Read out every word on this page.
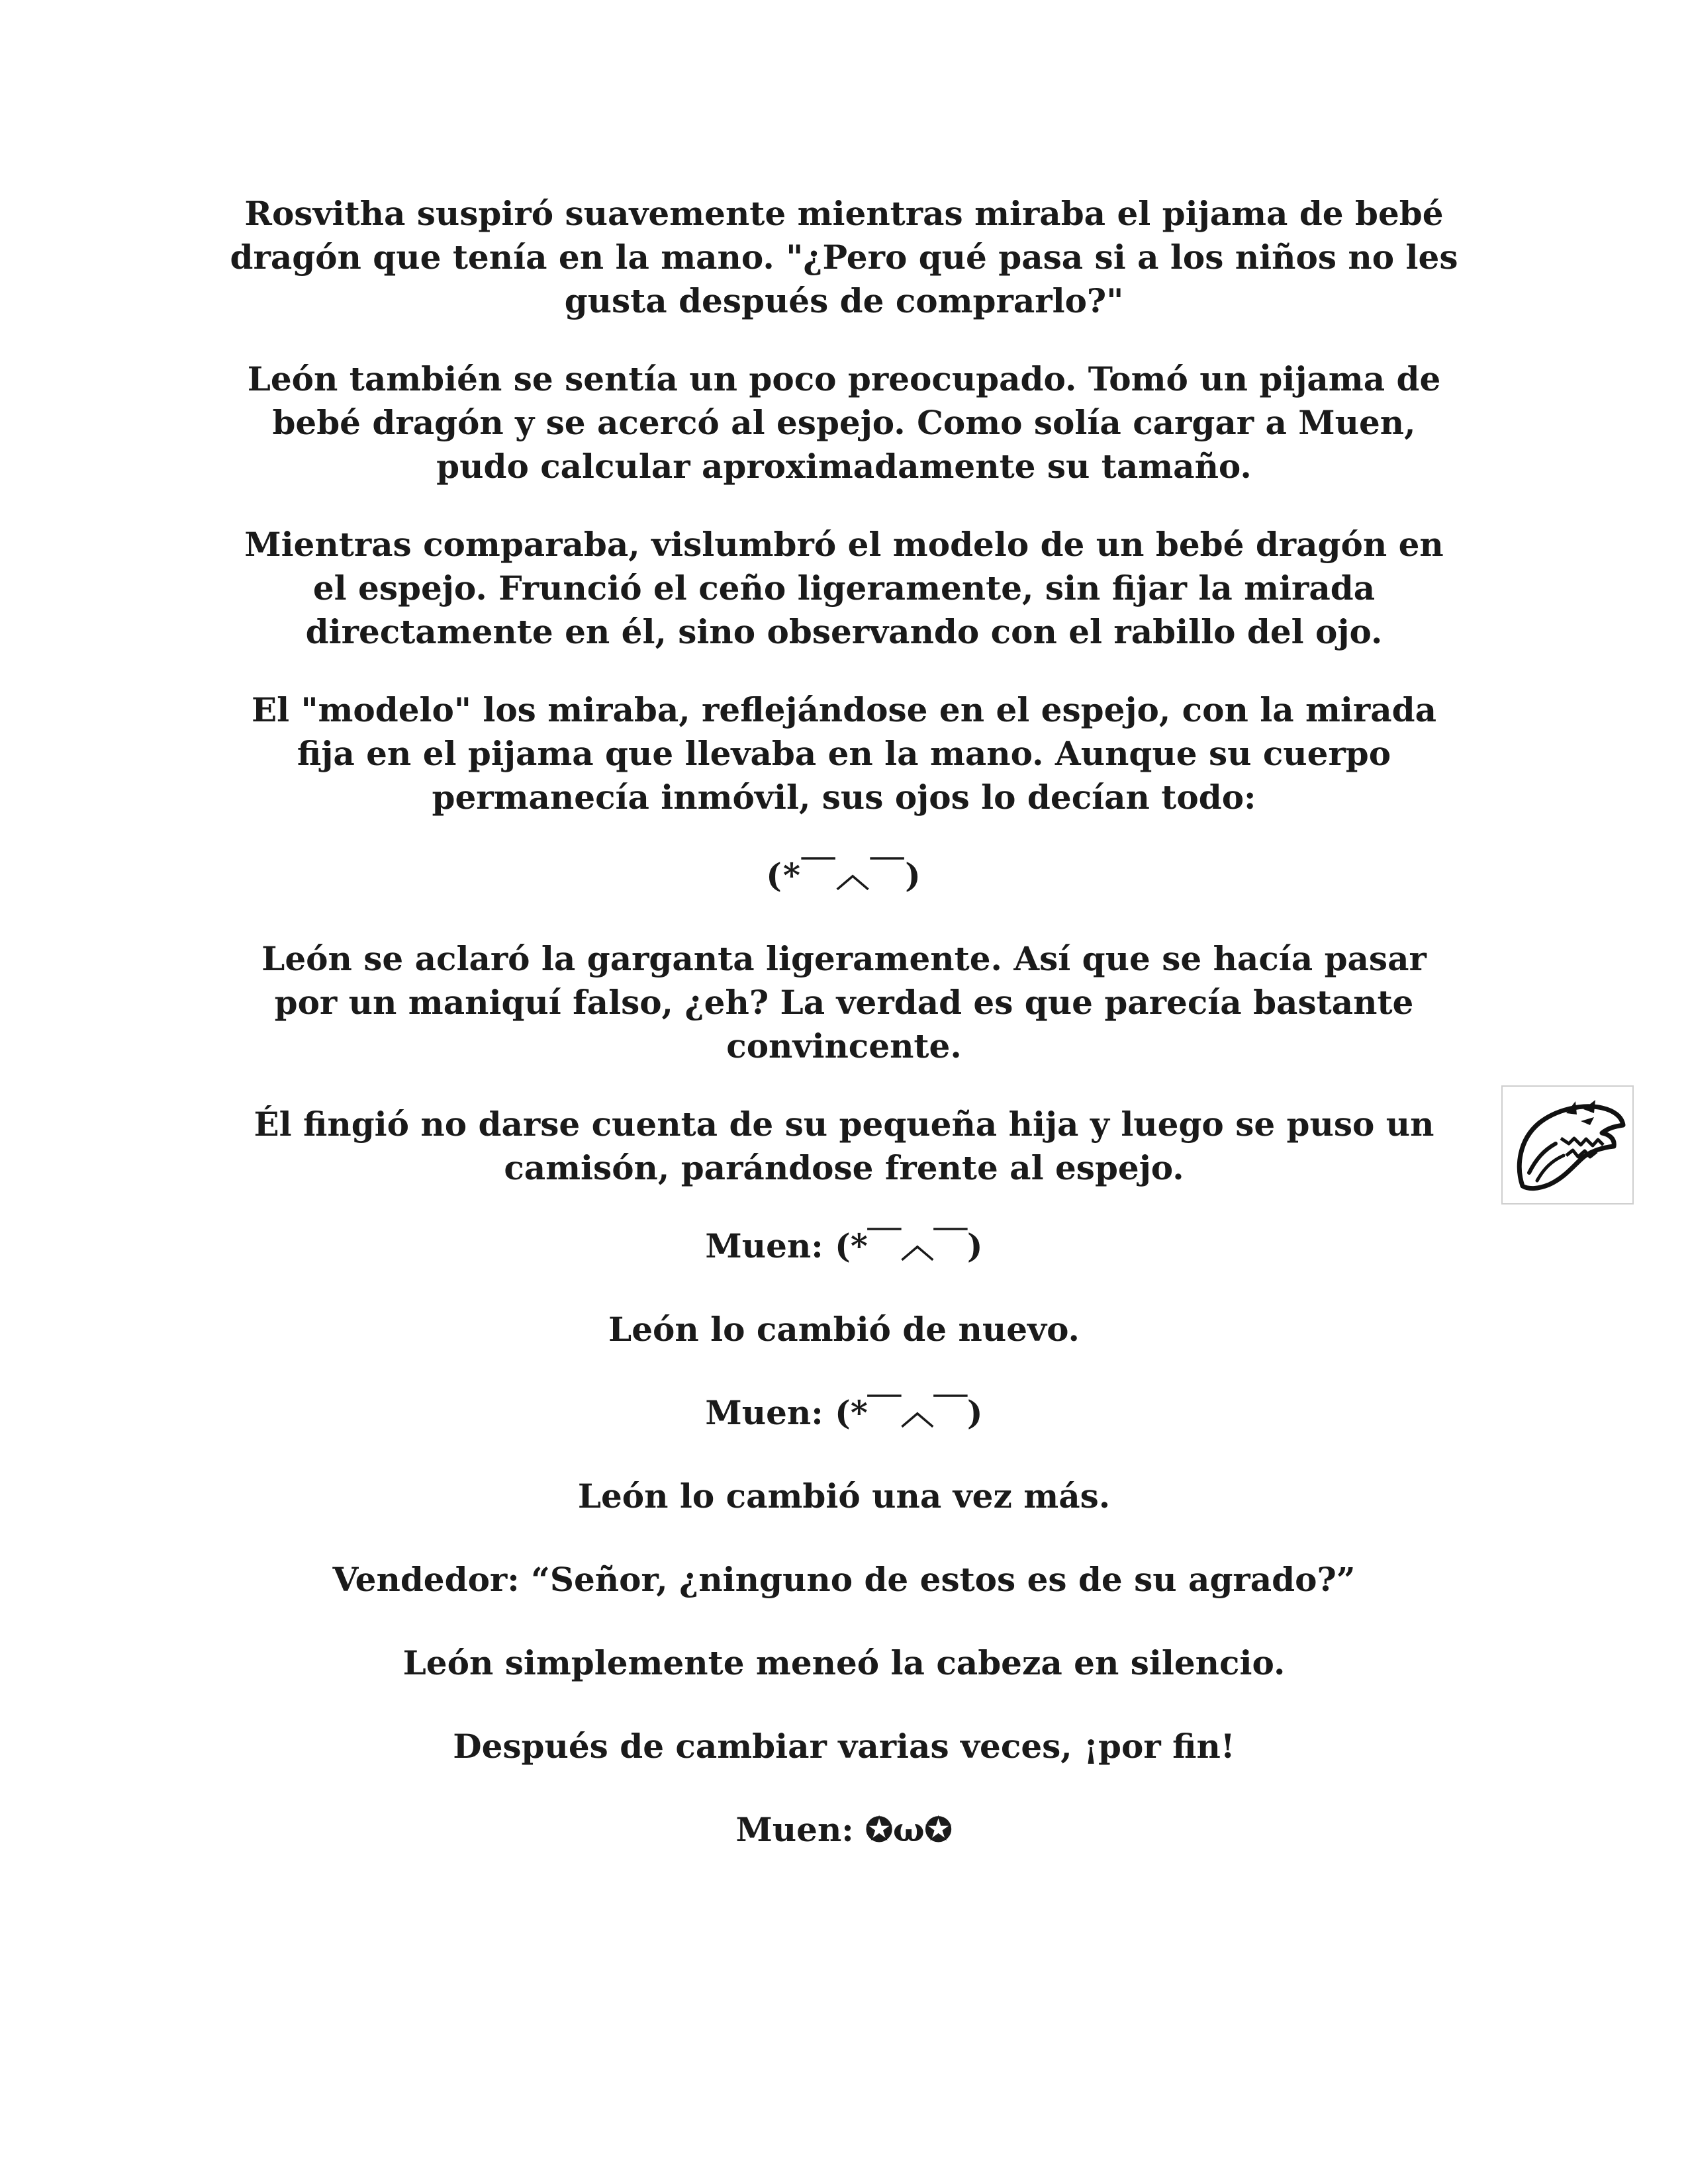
Rosvitha suspiró suavemente mientras miraba el pijama de bebé dragón que tenía en la mano. "¿Pero qué pasa si a los niños no les gusta después de comprarlo?"

León también se sentía un poco preocupado. Tomó un pijama de bebé dragón y se acercó al espejo. Como solía cargar a Muen, pudo calcular aproximadamente su tamaño.

Mientras comparaba, vislumbró el modelo de un bebé dragón en el espejo. Frunció el ceño ligeramente, sin fijar la mirada directamente en él, sino observando con el rabillo del ojo.

El "modelo" los miraba, reflejándose en el espejo, con la mirada fija en el pijama que llevaba en la mano. Aunque su cuerpo permanecía inmóvil, sus ojos lo decían todo:

(*￣︿￣)

León se aclaró la garganta ligeramente. Así que se hacía pasar por un maniquí falso, ¿eh? La verdad es que parecía bastante convincente.

Él fingió no darse cuenta de su pequeña hija y luego se puso un camisón, parándose frente al espejo.

Muen: (*￣︿￣)

León lo cambió de nuevo.

Muen: (*￣︿￣)

León lo cambió una vez más.

Vendedor: “Señor, ¿ninguno de estos es de su agrado?”

León simplemente meneó la cabeza en silencio.

Después de cambiar varias veces, ¡por fin!

Muen: ✪ω✪
